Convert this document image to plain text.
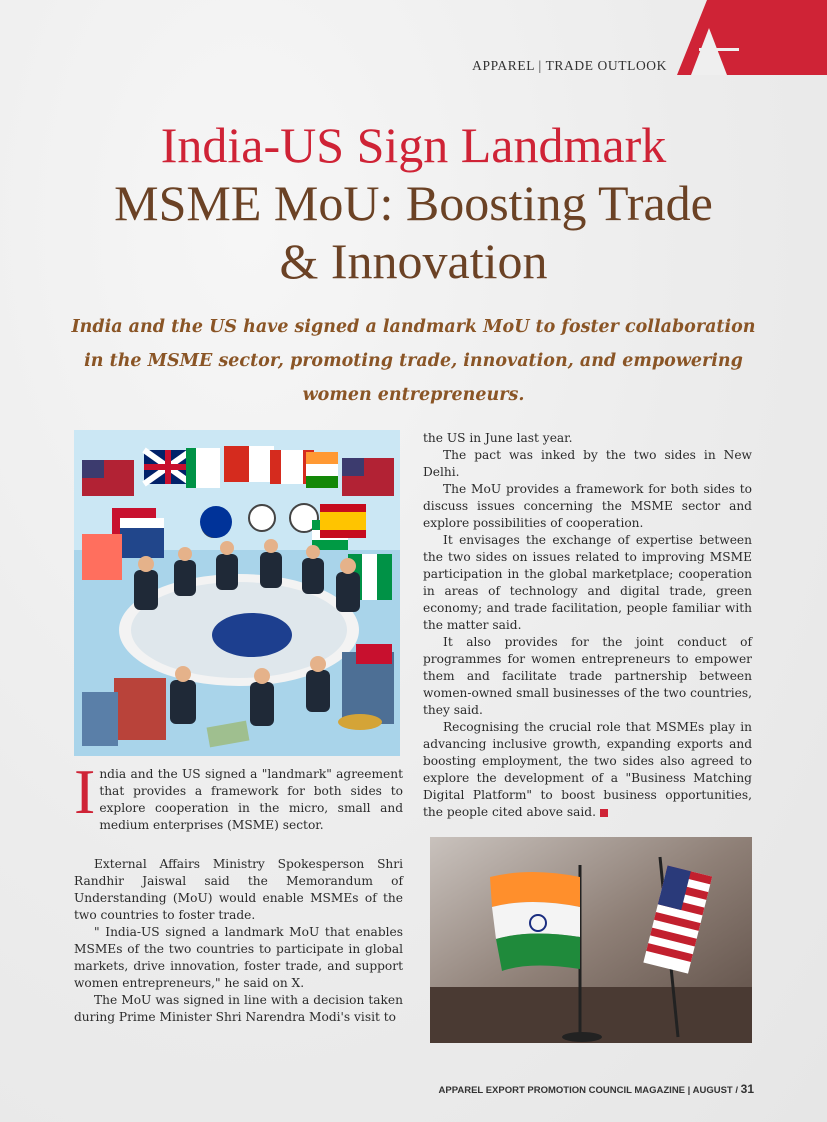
APPAREL | TRADE OUTLOOK
India-US Sign Landmark
MSME MoU: Boosting Trade
& Innovation
India and the US have signed a landmark MoU to foster collaboration in the MSME sector, promoting trade, innovation, and empowering women entrepreneurs.

India and the US signed a "landmark" agreement that provides a framework for both sides to explore cooperation in the micro, small and medium enterprises (MSME) sector.

External Affairs Ministry Spokesperson Shri Randhir Jaiswal said the Memorandum of Understanding (MoU) would enable MSMEs of the two countries to foster trade.

" India-US signed a landmark MoU that enables MSMEs of the two countries to participate in global markets, drive innovation, foster trade, and support women entrepreneurs," he said on X.

The MoU was signed in line with a decision taken during Prime Minister Shri Narendra Modi's visit to

the US in June last year.

The pact was inked by the two sides in New Delhi.

The MoU provides a framework for both sides to discuss issues concerning the MSME sector and explore possibilities of cooperation.

It envisages the exchange of expertise between the two sides on issues related to improving MSME participation in the global marketplace; cooperation in areas of technology and digital trade, green economy; and trade facilitation, people familiar with the matter said.

It also provides for the joint conduct of programmes for women entrepreneurs to empower them and facilitate trade partnership between women-owned small businesses of the two countries, they said.

Recognising the crucial role that MSMEs play in advancing inclusive growth, expanding exports and boosting employment, the two sides also agreed to explore the development of a "Business Matching Digital Platform" to boost business opportunities, the people cited above said.

APPAREL EXPORT PROMOTION COUNCIL MAGAZINE | AUGUST / 31
